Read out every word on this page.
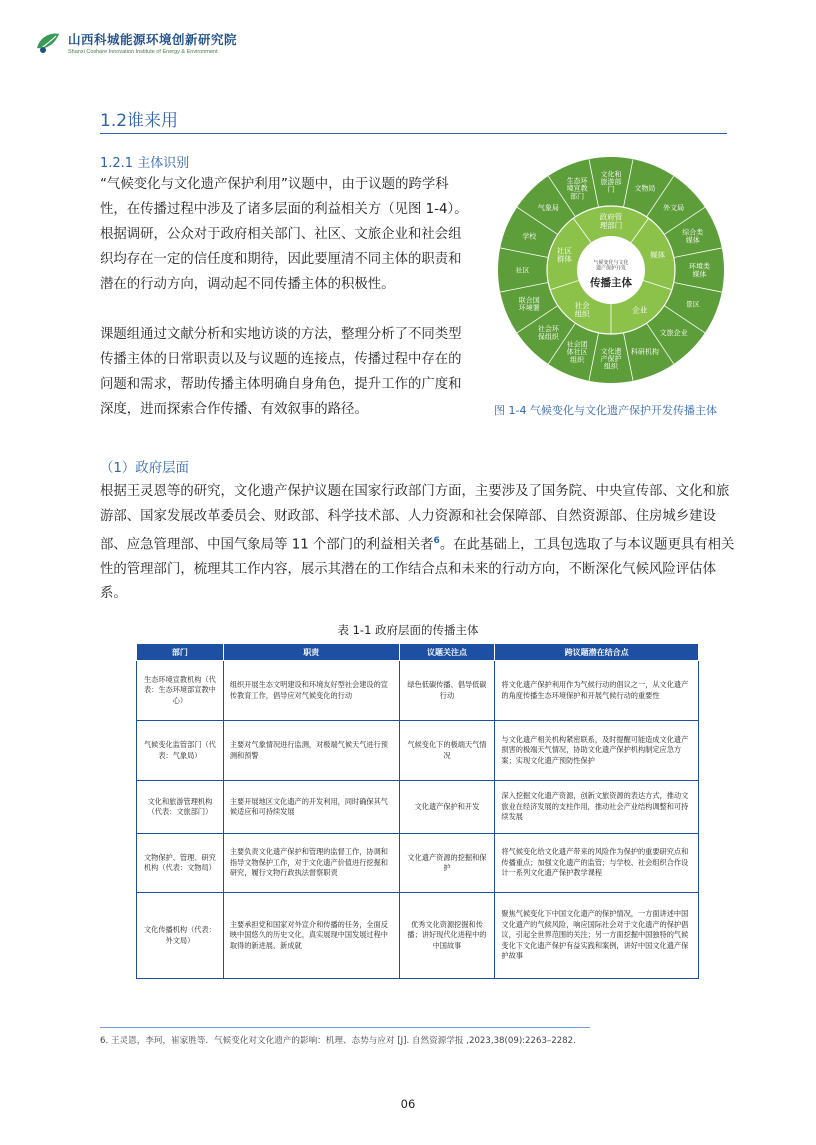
山西科城能源环境创新研究院
Shanxi Coshare Innovation Institute of Energy & Environment
1.2谁来用
1.2.1 主体识别

“气候变化与文化遗产保护利用”议题中，由于议题的跨学科性，在传播过程中涉及了诸多层面的利益相关方（见图 1-4）。根据调研，公众对于政府相关部门、社区、文旅企业和社会组织均存在一定的信任度和期待，因此要厘清不同主体的职责和潜在的行动方向，调动起不同传播主体的积极性。

课题组通过文献分析和实地访谈的方法，整理分析了不同类型传播主体的日常职责以及与议题的连接点，传播过程中存在的问题和需求，帮助传播主体明确自身角色，提升工作的广度和深度，进而探索合作传播、有效叙事的路径。

文化和旅游部门	文物局
外文局
综合类媒体
环境类媒体
景区
文旅企业
科研机构
文化遗产保护组织
社会团体社区组织
社会环保组织
联合国环境署
社区
学校
气象局
生态环境宣教部门
政府管理部门
媒体
企业
社会组织
社区群体	气候变化与文化遗产保护开发
传播主体
图 1-4 气候变化与文化遗产保护开发传播主体
（1）政府层面
根据王灵恩等的研究，文化遗产保护议题在国家行政部门方面，主要涉及了国务院、中央宣传部、文化和旅游部、国家发展改革委员会、财政部、科学技术部、人力资源和社会保障部、自然资源部、住房城乡建设部、应急管理部、中国气象局等 11 个部门的利益相关者$^6$。在此基础上，工具包选取了与本议题更具有相关性的管理部门，梳理其工作内容，展示其潜在的工作结合点和未来的行动方向，不断深化气候风险评估体系。
表 1-1 政府层面的传播主体
部门	职责	议题关注点	跨议题潜在结合点
生态环境宣教机构（代表：生态环境部宣教中心）	组织开展生态文明建设和环境友好型社会建设的宣传教育工作，倡导应对气候变化的行动	绿色低碳传播、倡导低碳行动	将文化遗产保护利用作为气候行动的倡议之一，从文化遗产的角度传播生态环境保护和开展气候行动的重要性
气候变化监管部门（代表：气象局）	主要对气象情况进行监测，对极端气候天气进行预测和预警	气候变化下的极端天气情况	与文化遗产相关机构紧密联系，及时提醒可能造成文化遗产损害的极端天气情况，协助文化遗产保护机构制定应急方案；实现文化遗产预防性保护
文化和旅游管理机构（代表：文旅部门）	主要开展地区文化遗产的开发利用，同时确保其气候适应和可持续发展	文化遗产保护和开发	深入挖掘文化遗产资源，创新文旅资源的表达方式，推动文旅业在经济发展的支柱作用，推动社会产业结构调整和可持续发展
文物保护、管理、研究机构（代表：文物局）	主要负责文化遗产保护和管理的监督工作，协调和指导文物保护工作，对于文化遗产价值进行挖掘和研究，履行文物行政执法督察职责	文化遗产资源的挖掘和保护	将气候变化给文化遗产带来的风险作为保护的重要研究点和传播重点；加强文化遗产的监管；与学校、社会组织合作设计一系列文化遗产保护教学课程
文化传播机构（代表：外文局）	主要承担党和国家对外宣介和传播的任务，全面反映中国悠久的历史文化，真实展现中国发展过程中取得的新进展、新成就	优秀文化资源挖掘和传播；讲好现代化进程中的中国故事	聚焦气候变化下中国文化遗产的保护情况，一方面讲述中国文化遗产的气候风险，响应国际社会对于文化遗产的保护倡议，引起全世界范围的关注；另一方面挖掘中国独特的气候变化下文化遗产保护有益实践和案例，讲好中国文化遗产保护故事
6. 王灵恩，李珂，崔家胜等．气候变化对文化遗产的影响：机理、态势与应对 [J]. 自然资源学报 ,2023,38(09):2263–2282.
06
